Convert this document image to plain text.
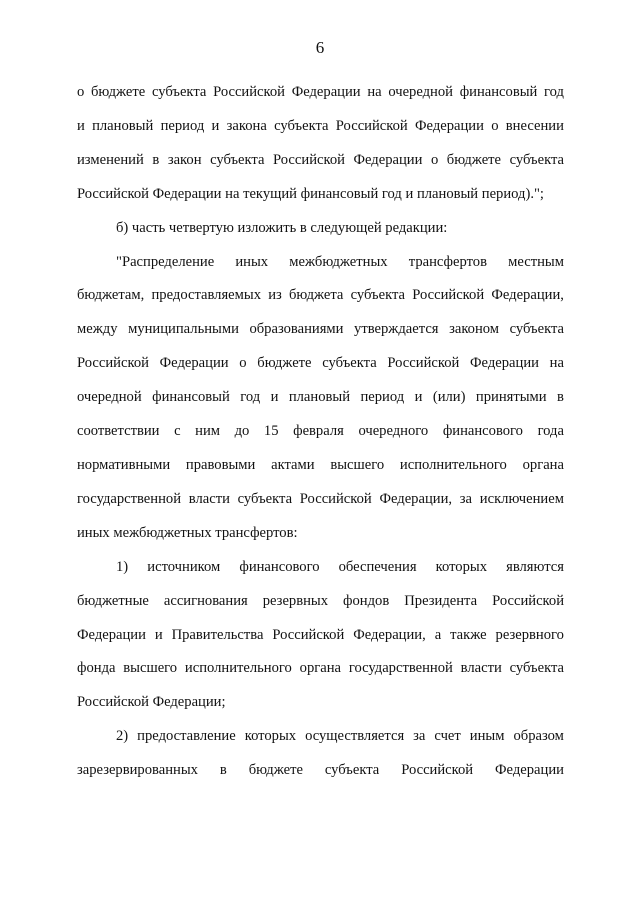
6

о бюджете субъекта Российской Федерации на очередной финансовый год
и плановый период и закона субъекта Российской Федерации о внесении
изменений в закон субъекта Российской Федерации о бюджете субъекта
Российской Федерации на текущий финансовый год и плановый период).";

б) часть четвертую изложить в следующей редакции:

"Распределение иных межбюджетных трансфертов местным
бюджетам, предоставляемых из бюджета субъекта Российской Федерации,
между муниципальными образованиями утверждается законом субъекта
Российской Федерации о бюджете субъекта Российской Федерации на
очередной финансовый год и плановый период и (или) принятыми в
соответствии с ним до 15 февраля очередного финансового года
нормативными правовыми актами высшего исполнительного органа
государственной власти субъекта Российской Федерации, за исключением
иных межбюджетных трансфертов:

1) источником финансового обеспечения которых являются
бюджетные ассигнования резервных фондов Президента Российской
Федерации и Правительства Российской Федерации, а также резервного
фонда высшего исполнительного органа государственной власти субъекта
Российской Федерации;

2) предоставление которых осуществляется за счет иным образом
зарезервированных в бюджете субъекта Российской Федерации
